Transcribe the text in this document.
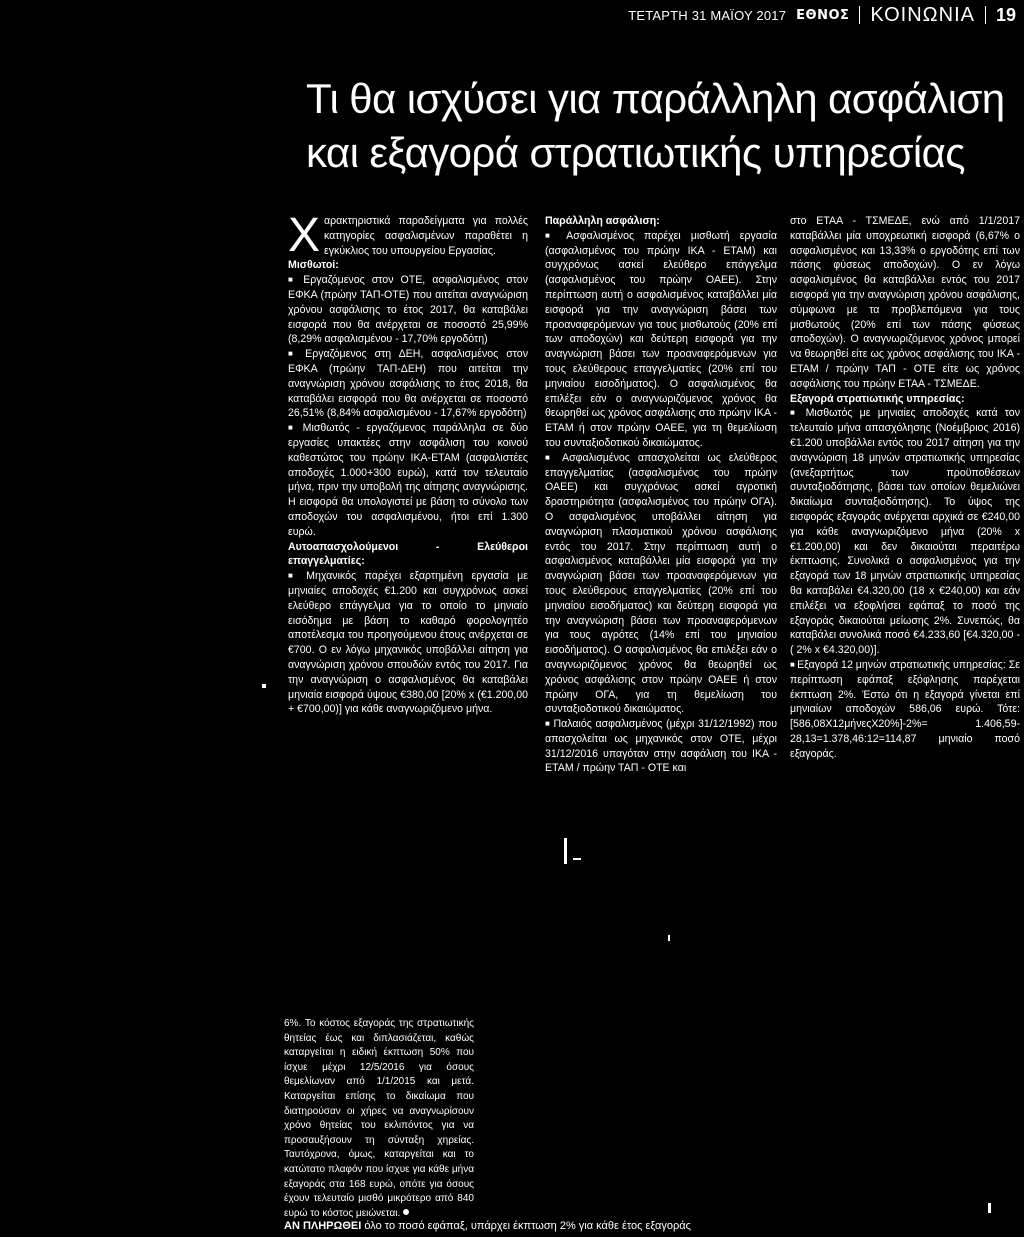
ΤΕΤΑΡΤΗ 31 ΜΑΪΟΥ 2017 ΕΘΝΟΣ ΚΟΙΝΩΝΙΑ 19
Τι θα ισχύσει για παράλληλη ασφάλιση
και εξαγορά στρατιωτικής υπηρεσίας

Χαρακτηριστικά παραδείγματα για πολλές κατηγορίες ασφαλισμένων παραθέτει η εγκύκλιος του υπουργείου Εργασίας.

Μισθωτοί:

■ Εργαζόμενος στον ΟΤΕ, ασφαλισμένος στον ΕΦΚΑ (πρώην ΤΑΠ-ΟΤΕ) που αιτείται αναγνώριση χρόνου ασφάλισης το έτος 2017, θα καταβάλει εισφορά που θα ανέρχεται σε ποσοστό 25,99% (8,29% ασφαλισμένου - 17,70% εργοδότη)

■ Εργαζόμενος στη ΔΕΗ, ασφαλισμένος στον ΕΦΚΑ (πρώην ΤΑΠ-ΔΕΗ) που αιτείται την αναγνώριση χρόνου ασφάλισης το έτος 2018, θα καταβάλει εισφορά που θα ανέρχεται σε ποσοστό 26,51% (8,84% ασφαλισμένου - 17,67% εργοδότη)

■ Μισθωτός - εργαζόμενος παράλληλα σε δύο εργασίες υπακτέες στην ασφάλιση του κοινού καθεστώτος του πρώην ΙΚΑ-ΕΤΑΜ (ασφαλιστέες αποδοχές 1.000+300 ευρώ), κατά τον τελευταίο μήνα, πριν την υποβολή της αίτησης αναγνώρισης. Η εισφορά θα υπολογιστεί με βάση το σύνολο των αποδοχών του ασφαλισμένου, ήτοι επί 1.300 ευρώ.

Αυτοαπασχολούμενοι - Ελεύθεροι επαγγελματίες:

■ Μηχανικός παρέχει εξαρτημένη εργασία με μηνιαίες αποδοχές €1.200 και συγχρόνως ασκεί ελεύθερο επάγγελμα για το οποίο το μηνιαίο εισόδημα με βάση το καθαρό φορολογητέο αποτέλεσμα του προηγούμενου έτους ανέρχεται σε €700. Ο εν λόγω μηχανικός υποβάλλει αίτηση για αναγνώριση χρόνου σπουδών εντός του 2017. Για την αναγνώριση ο ασφαλισμένος θα καταβάλει μηνιαία εισφορά ύψους €380,00 [20% x (€1.200,00 + €700,00)] για κάθε αναγνωριζόμενο μήνα.

Παράλληλη ασφάλιση:

■ Ασφαλισμένος παρέχει μισθωτή εργασία (ασφαλισμένος του πρώην ΙΚΑ - ΕΤΑΜ) και συγχρόνως ασκεί ελεύθερο επάγγελμα (ασφαλισμένος του πρώην ΟΑΕΕ). Στην περίπτωση αυτή ο ασφαλισμένος καταβάλλει μία εισφορά για την αναγνώριση βάσει των προαναφερόμενων για τους μισθωτούς (20% επί των αποδοχών) και δεύτερη εισφορά για την αναγνώριση βάσει των προαναφερόμενων για τους ελεύθερους επαγγελματίες (20% επί του μηνιαίου εισοδήματος). Ο ασφαλισμένος θα επιλέξει εάν ο αναγνωριζόμενος χρόνος θα θεωρηθεί ως χρόνος ασφάλισης στο πρώην ΙΚΑ - ΕΤΑΜ ή στον πρώην ΟΑΕΕ, για τη θεμελίωση του συνταξιοδοτικού δικαιώματος.

■ Ασφαλισμένος απασχολείται ως ελεύθερος επαγγελματίας (ασφαλισμένος του πρώην ΟΑΕΕ) και συγχρόνως ασκεί αγροτική δραστηριότητα (ασφαλισμένος του πρώην ΟΓΑ). Ο ασφαλισμένος υποβάλλει αίτηση για αναγνώριση πλασματικού χρόνου ασφάλισης εντός του 2017. Στην περίπτωση αυτή ο ασφαλισμένος καταβάλλει μία εισφορά για την αναγνώριση βάσει των προαναφερόμενων για τους ελεύθερους επαγγελματίες (20% επί του μηνιαίου εισοδήματος) και δεύτερη εισφορά για την αναγνώριση βάσει των προαναφερόμενων για τους αγρότες (14% επί του μηνιαίου εισοδήματος). Ο ασφαλισμένος θα επιλέξει εάν ο αναγνωριζόμενος χρόνος θα θεωρηθεί ως χρόνος ασφάλισης στον πρώην ΟΑΕΕ ή στον πρώην ΟΓΑ, για τη θεμελίωση του συνταξιοδοτικού δικαιώματος.

■ Παλαιός ασφαλισμένος (μέχρι 31/12/1992) που απασχολείται ως μηχανικός στον ΟΤΕ, μέχρι 31/12/2016 υπαγόταν στην ασφάλιση του ΙΚΑ - ΕΤΑΜ / πρώην ΤΑΠ - ΟΤΕ και

στο ΕΤΑΑ - ΤΣΜΕΔΕ, ενώ από 1/1/2017 καταβάλλει μία υποχρεωτική εισφορά (6,67% ο ασφαλισμένος και 13,33% ο εργοδότης επί των πάσης φύσεως αποδοχών). Ο εν λόγω ασφαλισμένος θα καταβάλλει εντός του 2017 εισφορά για την αναγνώριση χρόνου ασφάλισης, σύμφωνα με τα προβλεπόμενα για τους μισθωτούς (20% επί των πάσης φύσεως αποδοχών). Ο αναγνωριζόμενος χρόνος μπορεί να θεωρηθεί είτε ως χρόνος ασφάλισης του ΙΚΑ - ΕΤΑΜ / πρώην ΤΑΠ - ΟΤΕ είτε ως χρόνος ασφάλισης του πρώην ΕΤΑΑ - ΤΣΜΕΔΕ.

Εξαγορά στρατιωτικής υπηρεσίας:

■ Μισθωτός με μηνιαίες αποδοχές κατά τον τελευταίο μήνα απασχόλησης (Νοέμβριος 2016) €1.200 υποβάλλει εντός του 2017 αίτηση για την αναγνώριση 18 μηνών στρατιωτικής υπηρεσίας (ανεξαρτήτως των προϋποθέσεων συνταξιοδότησης, βάσει των οποίων θεμελιώνει δικαίωμα συνταξιοδότησης). Το ύψος της εισφοράς εξαγοράς ανέρχεται αρχικά σε €240,00 για κάθε αναγνωριζόμενο μήνα (20% x €1.200,00) και δεν δικαιούται περαιτέρω έκπτωσης. Συνολικά ο ασφαλισμένος για την εξαγορά των 18 μηνών στρατιωτικής υπηρεσίας θα καταβάλει €4.320,00 (18 x €240,00) και εάν επιλέξει να εξοφλήσει εφάπαξ το ποσό της εξαγοράς δικαιούται μείωσης 2%. Συνεπώς, θα καταβάλει συνολικά ποσό €4.233,60 [€4.320,00 -( 2% x €4.320,00)].

■ Εξαγορά 12 μηνών στρατιωτικής υπηρεσίας: Σε περίπτωση εφάπαξ εξόφλησης παρέχεται έκπτωση 2%. Έστω ότι η εξαγορά γίνεται επί μηνιαίων αποδοχών 586,06 ευρώ. Τότε: [586,08Χ12μήνεςΧ20%]-2%= 1.406,59-28,13=1.378,46:12=114,87 μηνιαίο ποσό εξαγοράς.

6%. Το κόστος εξαγοράς της στρατιωτικής θητείας έως και διπλασιάζεται, καθώς καταργείται η ειδική έκπτωση 50% που ίσχυε μέχρι 12/5/2016 για όσους θεμελίωναν από 1/1/2015 και μετά. Καταργείται επίσης το δικαίωμα που διατηρούσαν οι χήρες να αναγνωρίσουν χρόνο θητείας του εκλιπόντος για να προσαυξήσουν τη σύνταξη χηρείας. Ταυτόχρονα, όμως, καταργείται και το κατώτατο πλαφόν που ίσχυε για κάθε μήνα εξαγοράς στα 168 ευρώ, οπότε για όσους έχουν τελευταίο μισθό μικρότερο από 840 ευρώ το κόστος μειώνεται.
ΑΝ ΠΛΗΡΩΘΕΙ όλο το ποσό εφάπαξ, υπάρχει έκπτωση 2% για κάθε έτος εξαγοράς
